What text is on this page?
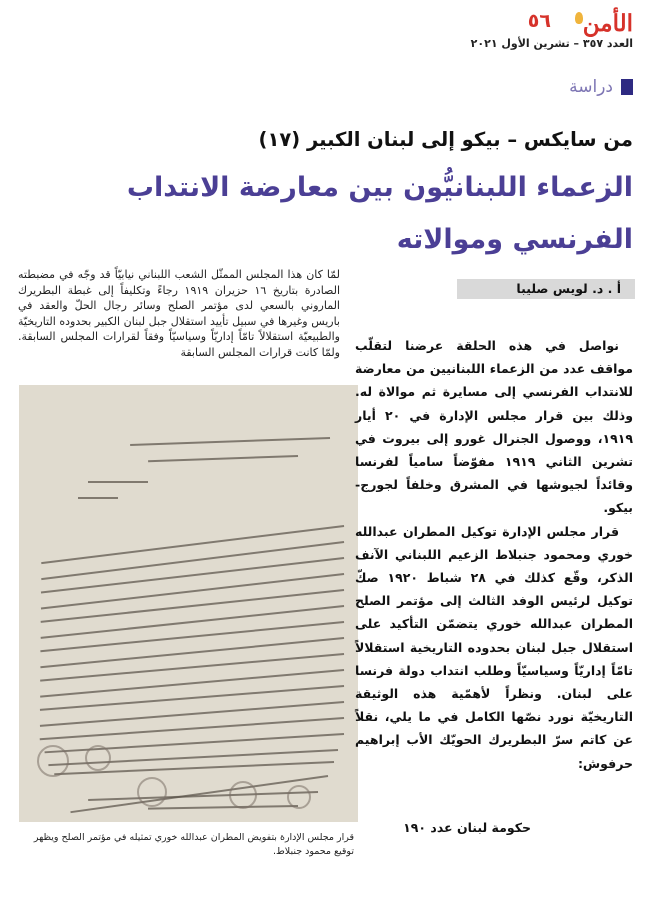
الأمن
٥٦
العدد ٣٥٧ – تشرين الأول ٢٠٢١
دراسة
من سايكس – بيكو إلى لبنان الكبير (١٧)
الزعماء اللبنانيُّون بين معارضة الانتداب
الفرنسي وموالاته
أ . د. لويس صليبا

لمّا كان هذا المجلس الممثّل الشعب اللبناني نيابيّاً قد وجّه في مضبطته الصادرة بتاريخ ١٦ حزيران ١٩١٩ رجاءً وتكليفاً إلى غبطة البطريرك الماروني بالسعي لدى مؤتمر الصلح وسائر رجال الحلّ والعقد في باريس وغيرها في سبيل تأييد استقلال جبل لبنان الكبير بحدوده التاريخيّة والطبيعيّة استقلالاً تامّاً إداريّاً وسياسيّاً وفقاً لقرارات المجلس السابقة. ولمّا كانت قرارات المجلس السابقة

قرار مجلس الإدارة بتفويض المطران عبدالله خوري تمثيله في مؤتمر الصلح ويظهر توقيع محمود جنبلاط.

نواصل في هذه الحلقة عرضنا لتقلّب مواقف عدد من الزعماء اللبنانيين من معارضة للانتداب الفرنسي إلى مسايرة ثم موالاة له. وذلك بين قرار مجلس الإدارة في ٢٠ أيار ١٩١٩، ووصول الجنرال غورو إلى بيروت في تشرين الثاني ١٩١٩ مفوّضاً سامياً لفرنسا وقائداً لجيوشها في المشرق وخلفاً لجورج-بيكو.

قرار مجلس الإدارة توكيل المطران عبدالله خوري ومحمود جنبلاط الزعيم اللبناني الآنف الذكر، وقّع كذلك في ٢٨ شباط ١٩٢٠ صكّ توكيل لرئيس الوفد الثالث إلى مؤتمر الصلح المطران عبدالله خوري يتضمّن التأكيد على استقلال جبل لبنان بحدوده التاريخية استقلالاً تامّاً إداريّاً وسياسيّاً وطلب انتداب دولة فرنسا على لبنان. ونظراً لأهمّية هذه الوثيقة التاريخيّة نورد نصّها الكامل في ما يلي، نقلاً عن كاتم سرّ البطريرك الحويّك الأب إبراهيم حرفوش:

حكومة لبنان عدد ١٩٠
